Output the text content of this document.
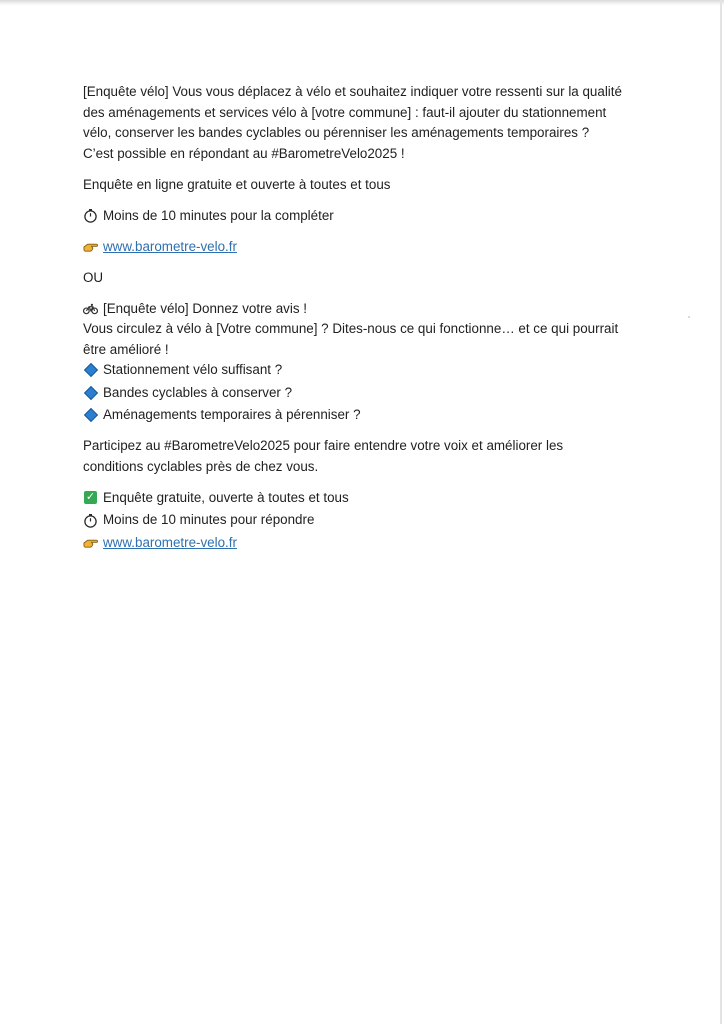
[Enquête vélo] Vous vous déplacez à vélo et souhaitez indiquer votre ressenti sur la qualité des aménagements et services vélo à [votre commune] : faut-il ajouter du stationnement vélo, conserver les bandes cyclables ou pérenniser les aménagements temporaires ? C’est possible en répondant au #BarometreVelo2025 !

Enquête en ligne gratuite et ouverte à toutes et tous

Moins de 10 minutes pour la compléter
www.barometre-velo.fr

OU

[Enquête vélo] Donnez votre avis !

Vous circulez à vélo à [Votre commune] ? Dites-nous ce qui fonctionne… et ce qui pourrait être amélioré !

Stationnement vélo suffisant ?
Bandes cyclables à conserver ?
Aménagements temporaires à pérenniser ?

Participez au #BarometreVelo2025 pour faire entendre votre voix et améliorer les conditions cyclables près de chez vous.

✓ Enquête gratuite, ouverte à toutes et tous
Moins de 10 minutes pour répondre
www.barometre-velo.fr
